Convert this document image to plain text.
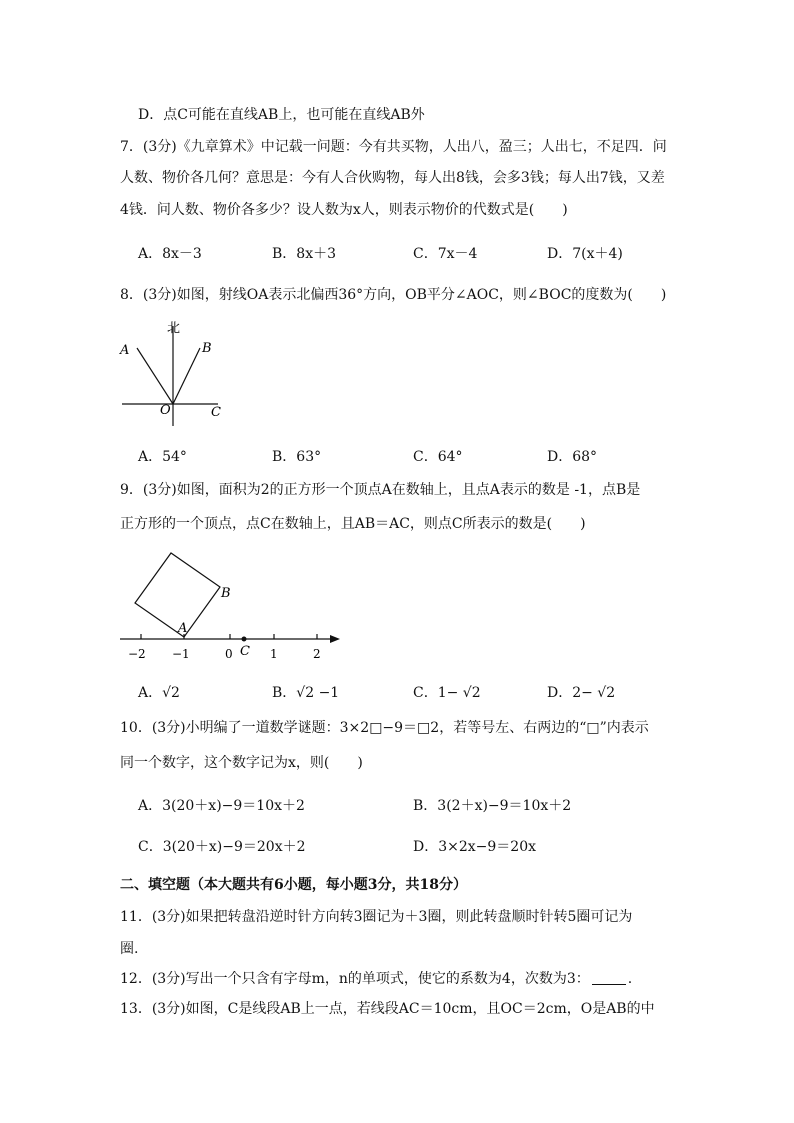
D．点C可能在直线AB上，也可能在直线AB外
7．(3分)《九章算术》中记载一问题：今有共买物，人出八，盈三；人出七，不足四．问
人数、物价各几何？意思是：今有人合伙购物，每人出8钱，会多3钱；每人出7钱，又差
4钱．问人数、物价各多少？设人数为x人，则表示物价的代数式是(　　)
A．8x－3	B．8x＋3	C．7x－4	D．7(x＋4)
8．(3分)如图，射线OA表示北偏西36°方向，OB平分∠AOC，则∠BOC的度数为(　　)
北
A	B
O	C
A．54°	B．63°	C．64°	D．68°
9．(3分)如图，面积为2的正方形一个顶点A在数轴上，且点A表示的数是 -1，点B是
正方形的一个顶点，点C在数轴上，且AB＝AC，则点C所表示的数是(　　)
A
B
C
−2 −1	0	1	2
A．√2	B．√2 −1	C．1− √2	D．2− √2
10．(3分)小明编了一道数学谜题：3×2□−9＝□2，若等号左、右两边的“□”内表示
同一个数字，这个数字记为x，则(　　)
A．3(20＋x)−9＝10x＋2	B．3(2＋x)−9＝10x＋2
C．3(20＋x)−9＝20x＋2	D．3×2x−9＝20x
二、填空题（本大题共有6小题，每小题3分，共18分）
11．(3分)如果把转盘沿逆时针方向转3圈记为＋3圈，则此转盘顺时针转5圈可记为
圈.
12．(3分)写出一个只含有字母m，n的单项式，使它的系数为4，次数为3：	.
13．(3分)如图，C是线段AB上一点，若线段AC＝10cm，且OC＝2cm，O是AB的中
